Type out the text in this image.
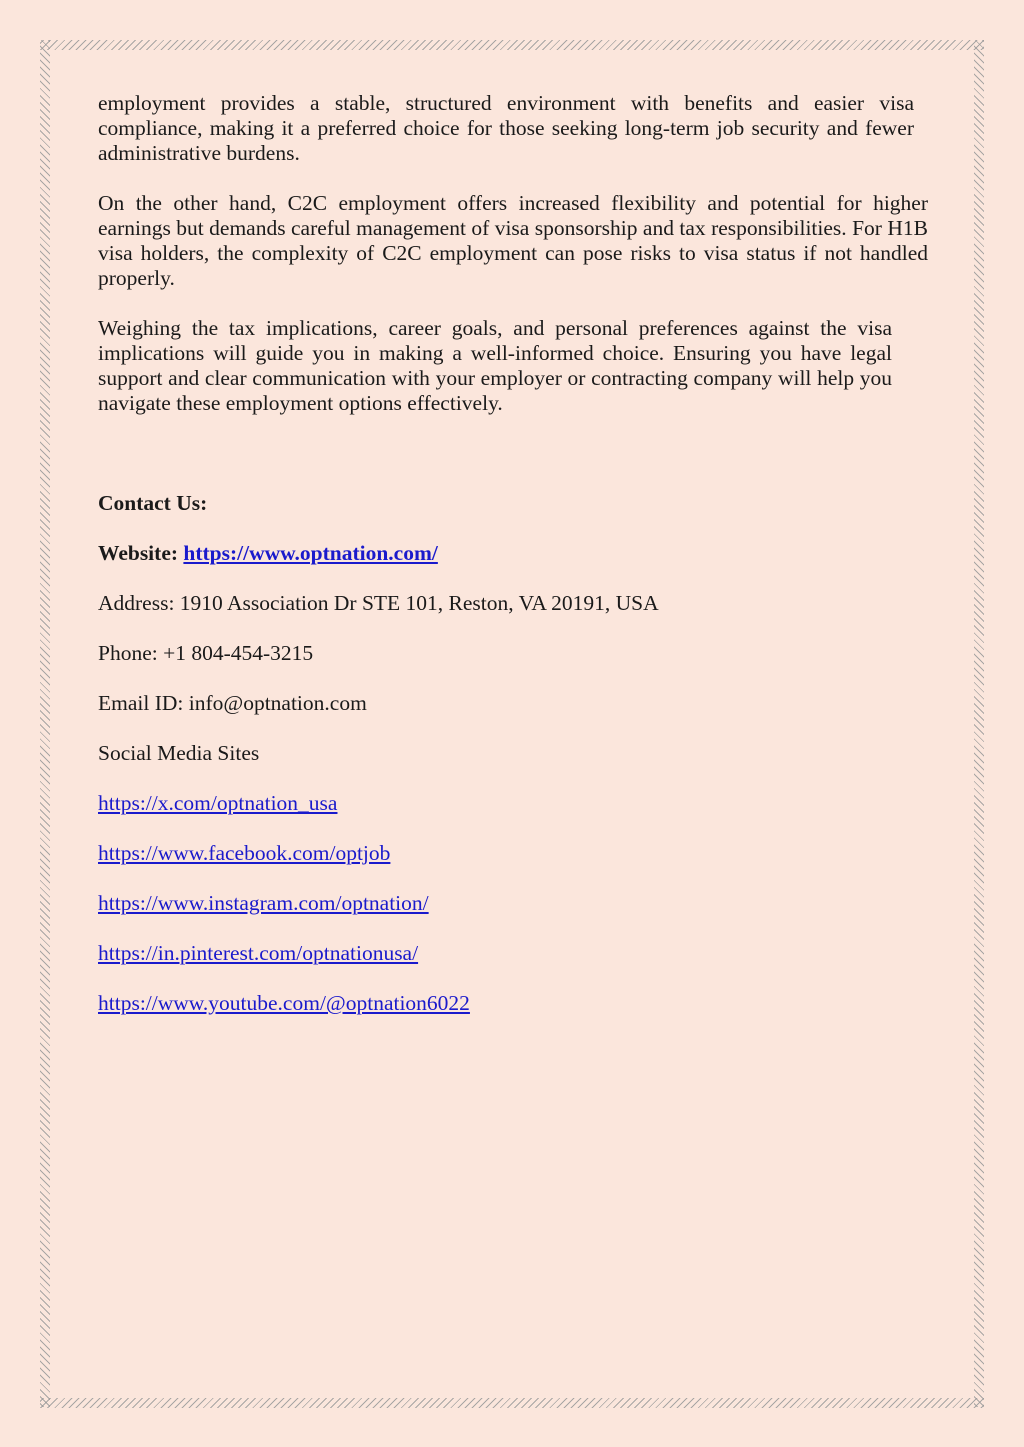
employment provides a stable, structured environment with benefits and easier visa compliance, making it a preferred choice for those seeking long-term job security and fewer administrative burdens.

On the other hand, C2C employment offers increased flexibility and potential for higher earnings but demands careful management of visa sponsorship and tax responsibilities. For H1B visa holders, the complexity of C2C employment can pose risks to visa status if not handled properly.

Weighing the tax implications, career goals, and personal preferences against the visa implications will guide you in making a well-informed choice. Ensuring you have legal support and clear communication with your employer or contracting company will help you navigate these employment options effectively.

Contact Us:

Website: https://www.optnation.com/

Address: 1910 Association Dr STE 101, Reston, VA 20191, USA

Phone: +1 804-454-3215

Email ID: info@optnation.com

Social Media Sites

https://x.com/optnation_usa

https://www.facebook.com/optjob

https://www.instagram.com/optnation/

https://in.pinterest.com/optnationusa/

https://www.youtube.com/@optnation6022
